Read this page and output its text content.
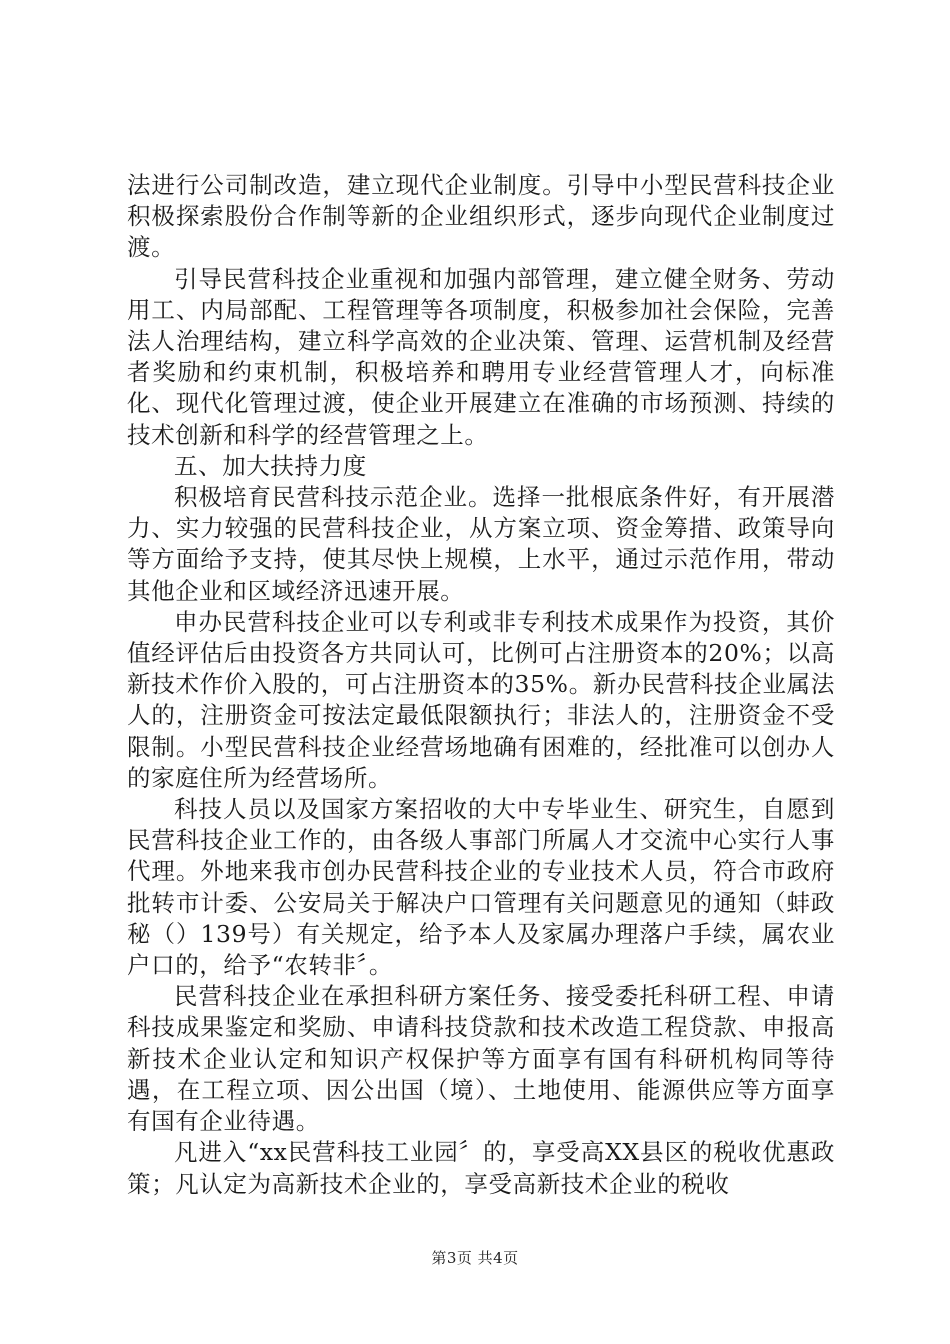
法进行公司制改造，建立现代企业制度。引导中小型民营科技企业积极探索股份合作制等新的企业组织形式，逐步向现代企业制度过渡。

引导民营科技企业重视和加强内部管理，建立健全财务、劳动用工、内局部配、工程管理等各项制度，积极参加社会保险，完善法人治理结构，建立科学高效的企业决策、管理、运营机制及经营者奖励和约束机制，积极培养和聘用专业经营管理人才，向标准化、现代化管理过渡，使企业开展建立在准确的市场预测、持续的技术创新和科学的经营管理之上。

五、加大扶持力度

积极培育民营科技示范企业。选择一批根底条件好，有开展潜力、实力较强的民营科技企业，从方案立项、资金筹措、政策导向等方面给予支持，使其尽快上规模，上水平，通过示范作用，带动其他企业和区域经济迅速开展。

申办民营科技企业可以专利或非专利技术成果作为投资，其价值经评估后由投资各方共同认可，比例可占注册资本的20%；以高新技术作价入股的，可占注册资本的35%。新办民营科技企业属法人的，注册资金可按法定最低限额执行；非法人的，注册资金不受限制。小型民营科技企业经营场地确有困难的，经批准可以创办人的家庭住所为经营场所。

科技人员以及国家方案招收的大中专毕业生、研究生，自愿到民营科技企业工作的，由各级人事部门所属人才交流中心实行人事代理。外地来我市创办民营科技企业的专业技术人员，符合市政府批转市计委、公安局关于解决户口管理有关问题意见的通知（蚌政秘（）139号）有关规定，给予本人及家属办理落户手续，属农业户口的，给予“农转非〞。

民营科技企业在承担科研方案任务、接受委托科研工程、申请科技成果鉴定和奖励、申请科技贷款和技术改造工程贷款、申报高新技术企业认定和知识产权保护等方面享有国有科研机构同等待遇，在工程立项、因公出国（境）、土地使用、能源供应等方面享有国有企业待遇。

凡进入“xx民营科技工业园〞的，享受高XX县区的税收优惠政策；凡认定为高新技术企业的，享受高新技术企业的税收

第3页 共4页
